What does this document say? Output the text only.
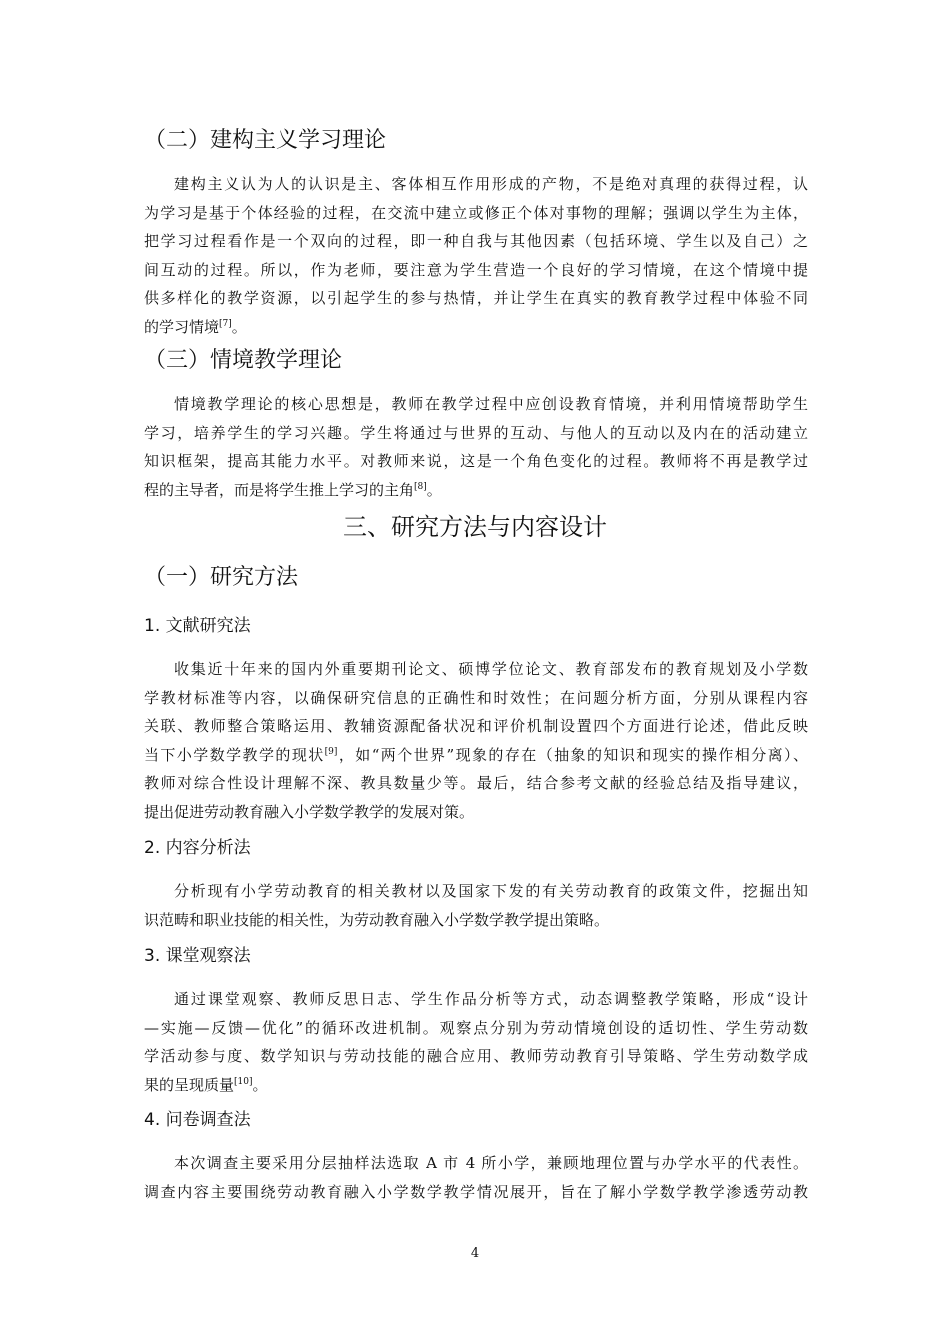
（二）建构主义学习理论
建构主义认为人的认识是主、客体相互作用形成的产物，不是绝对真理的获得过程，认
为学习是基于个体经验的过程，在交流中建立或修正个体对事物的理解；强调以学生为主体，
把学习过程看作是一个双向的过程，即一种自我与其他因素（包括环境、学生以及自己）之
间互动的过程。所以，作为老师，要注意为学生营造一个良好的学习情境，在这个情境中提
供多样化的教学资源，以引起学生的参与热情，并让学生在真实的教育教学过程中体验不同
的学习情境[7]。
（三）情境教学理论
情境教学理论的核心思想是，教师在教学过程中应创设教育情境，并利用情境帮助学生
学习，培养学生的学习兴趣。学生将通过与世界的互动、与他人的互动以及内在的活动建立
知识框架，提高其能力水平。对教师来说，这是一个角色变化的过程。教师将不再是教学过
程的主导者，而是将学生推上学习的主角[8]。
三、研究方法与内容设计
（一）研究方法
1. 文献研究法
收集近十年来的国内外重要期刊论文、硕博学位论文、教育部发布的教育规划及小学数
学教材标准等内容，以确保研究信息的正确性和时效性；在问题分析方面，分别从课程内容
关联、教师整合策略运用、教辅资源配备状况和评价机制设置四个方面进行论述，借此反映
当下小学数学教学的现状[9]，如“两个世界”现象的存在（抽象的知识和现实的操作相分离）、
教师对综合性设计理解不深、教具数量少等。最后，结合参考文献的经验总结及指导建议，
提出促进劳动教育融入小学数学教学的发展对策。
2. 内容分析法
分析现有小学劳动教育的相关教材以及国家下发的有关劳动教育的政策文件，挖掘出知
识范畴和职业技能的相关性，为劳动教育融入小学数学教学提出策略。
3. 课堂观察法
通过课堂观察、教师反思日志、学生作品分析等方式，动态调整教学策略，形成“设计
—实施—反馈—优化”的循环改进机制。观察点分别为劳动情境创设的适切性、学生劳动数
学活动参与度、数学知识与劳动技能的融合应用、教师劳动教育引导策略、学生劳动数学成
果的呈现质量[10]。
4. 问卷调查法
本次调查主要采用分层抽样法选取 A 市 4 所小学，兼顾地理位置与办学水平的代表性。
调查内容主要围绕劳动教育融入小学数学教学情况展开，旨在了解小学数学教学渗透劳动教
4
